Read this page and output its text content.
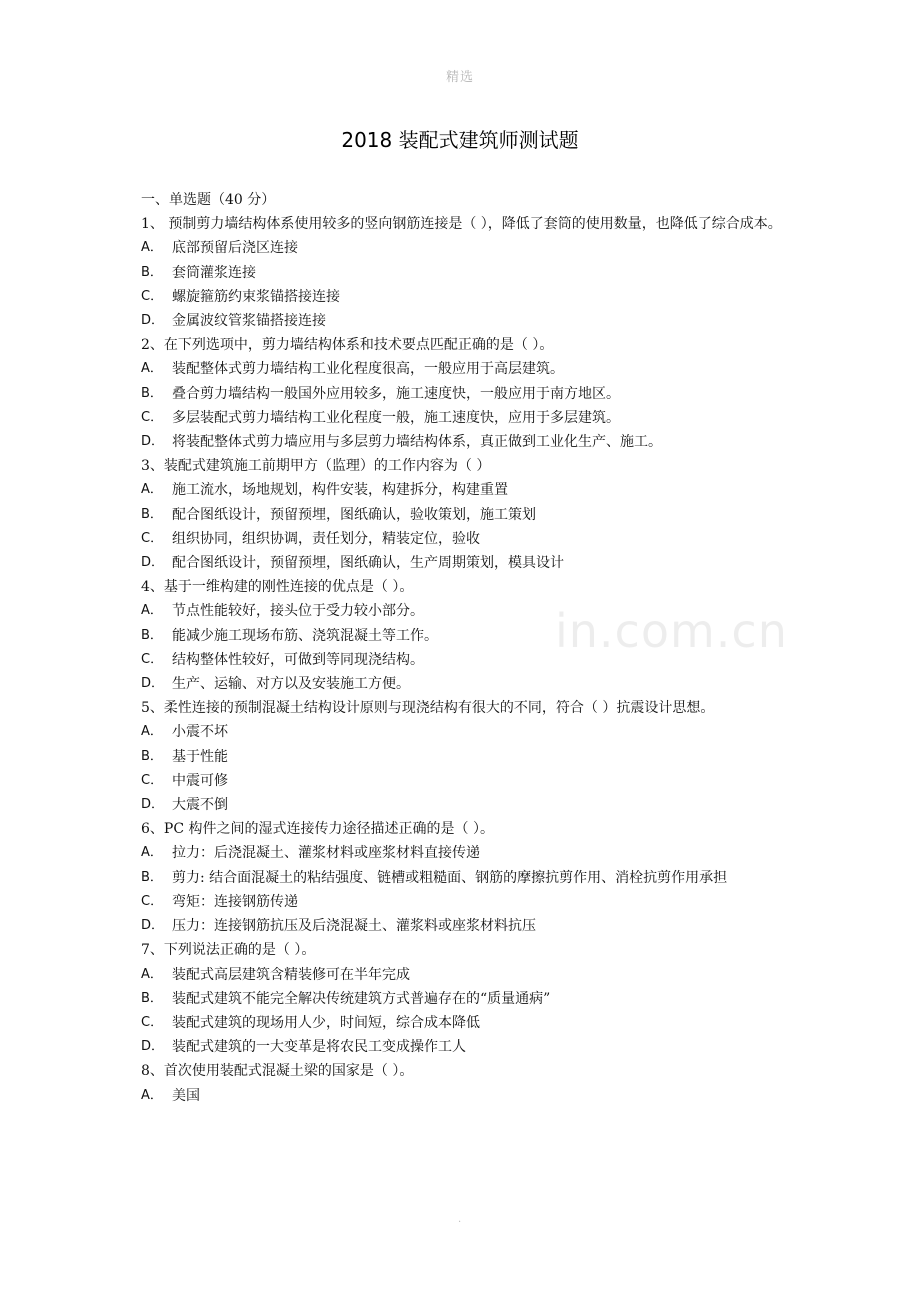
精选
2018 装配式建筑师测试题
in.com.cn
一、单选题（40 分）
1、 预制剪力墙结构体系使用较多的竖向钢筋连接是（ ），降低了套筒的使用数量，也降低了综合成本。
A． 底部预留后浇区连接
B． 套筒灌浆连接
C． 螺旋箍筋约束浆锚搭接连接
D． 金属波纹管浆锚搭接连接
2、在下列选项中，剪力墙结构体系和技术要点匹配正确的是（ ）。
A． 装配整体式剪力墙结构工业化程度很高，一般应用于高层建筑。
B． 叠合剪力墙结构一般国外应用较多，施工速度快，一般应用于南方地区。
C． 多层装配式剪力墙结构工业化程度一般，施工速度快，应用于多层建筑。
D． 将装配整体式剪力墙应用与多层剪力墙结构体系，真正做到工业化生产、施工。
3、装配式建筑施工前期甲方（监理）的工作内容为（ ）
A． 施工流水，场地规划，构件安装，构建拆分，构建重置
B． 配合图纸设计，预留预埋，图纸确认，验收策划，施工策划
C． 组织协同，组织协调，责任划分，精装定位，验收
D． 配合图纸设计，预留预埋，图纸确认，生产周期策划，模具设计
4、基于一维构建的刚性连接的优点是（ ）。
A． 节点性能较好，接头位于受力较小部分。
B． 能减少施工现场布筋、浇筑混凝土等工作。
C． 结构整体性较好，可做到等同现浇结构。
D． 生产、运输、对方以及安装施工方便。
5、柔性连接的预制混凝土结构设计原则与现浇结构有很大的不同，符合（ ）抗震设计思想。
A． 小震不坏
B． 基于性能
C． 中震可修
D． 大震不倒
6、PC 构件之间的湿式连接传力途径描述正确的是（ ）。
A． 拉力：后浇混凝土、灌浆材料或座浆材料直接传递
B． 剪力: 结合面混凝土的粘结强度、链槽或粗糙面、钢筋的摩擦抗剪作用、消栓抗剪作用承担
C． 弯矩：连接钢筋传递
D． 压力：连接钢筋抗压及后浇混凝土、灌浆料或座浆材料抗压
7、下列说法正确的是（ ）。
A． 装配式高层建筑含精装修可在半年完成
B． 装配式建筑不能完全解决传统建筑方式普遍存在的“质量通病”
C． 装配式建筑的现场用人少，时间短，综合成本降低
D． 装配式建筑的一大变革是将农民工变成操作工人
8、首次使用装配式混凝土梁的国家是（ ）。
A． 美国
.
